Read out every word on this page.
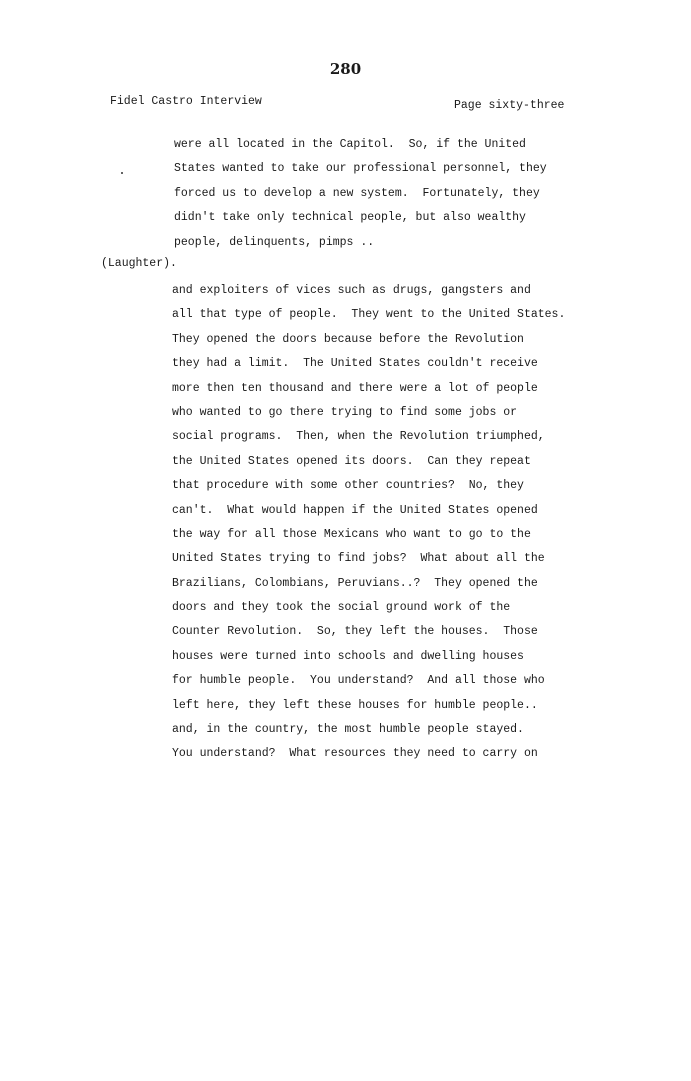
280
Fidel Castro Interview	Page sixty-three
were all located in the Capitol.  So, if the United
States wanted to take our professional personnel, they
forced us to develop a new system.  Fortunately, they
didn't take only technical people, but also wealthy
people, delinquents, pimps ..
(Laughter).
and exploiters of vices such as drugs, gangsters and
all that type of people.  They went to the United States.
They opened the doors because before the Revolution
they had a limit.  The United States couldn't receive
more then ten thousand and there were a lot of people
who wanted to go there trying to find some jobs or
social programs.  Then, when the Revolution triumphed,
the United States opened its doors.  Can they repeat
that procedure with some other countries?  No, they
can't.  What would happen if the United States opened
the way for all those Mexicans who want to go to the
United States trying to find jobs?  What about all the
Brazilians, Colombians, Peruvians..?  They opened the
doors and they took the social ground work of the
Counter Revolution.  So, they left the houses.  Those
houses were turned into schools and dwelling houses
for humble people.  You understand?  And all those who
left here, they left these houses for humble people..
and, in the country, the most humble people stayed.
You understand?  What resources they need to carry on
